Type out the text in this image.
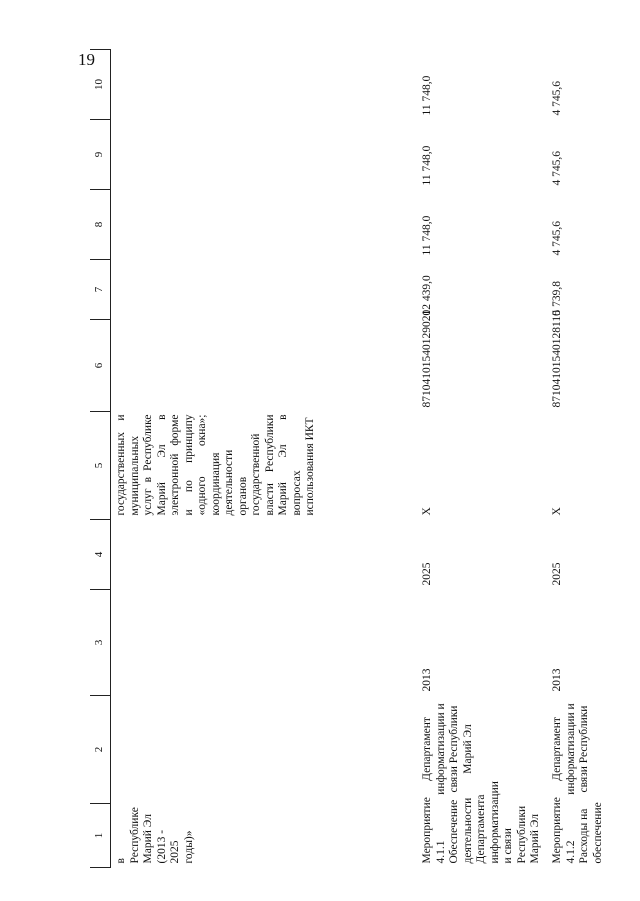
19
1	2	3	4	5	6	7	8	9	10
в Республике Марий Эл (2013 - 2025 годы)»				государственных и муниципальных услуг в Республике Марий Эл в электронной форме и по принципу «одного окна»; координация деятельности органов государственной власти Республики Марий Эл в вопросах использования ИКТ					
Мероприятие 4.1.1 Обеспечение деятельности Департамента информатизации и связи Республики Марий Эл	Департамент информатизации и связи Республики Марий Эл	2013	2025	Х	871041015401290​20	12 439,0	11 748,0	11 748,0	11 748,0
Мероприятие 4.1.2 Расходы на обеспечение	Департамент информатизации и связи Республики	2013	2025	Х	87104101540128110	5 739,8	4 745,6	4 745,6	4 745,6
